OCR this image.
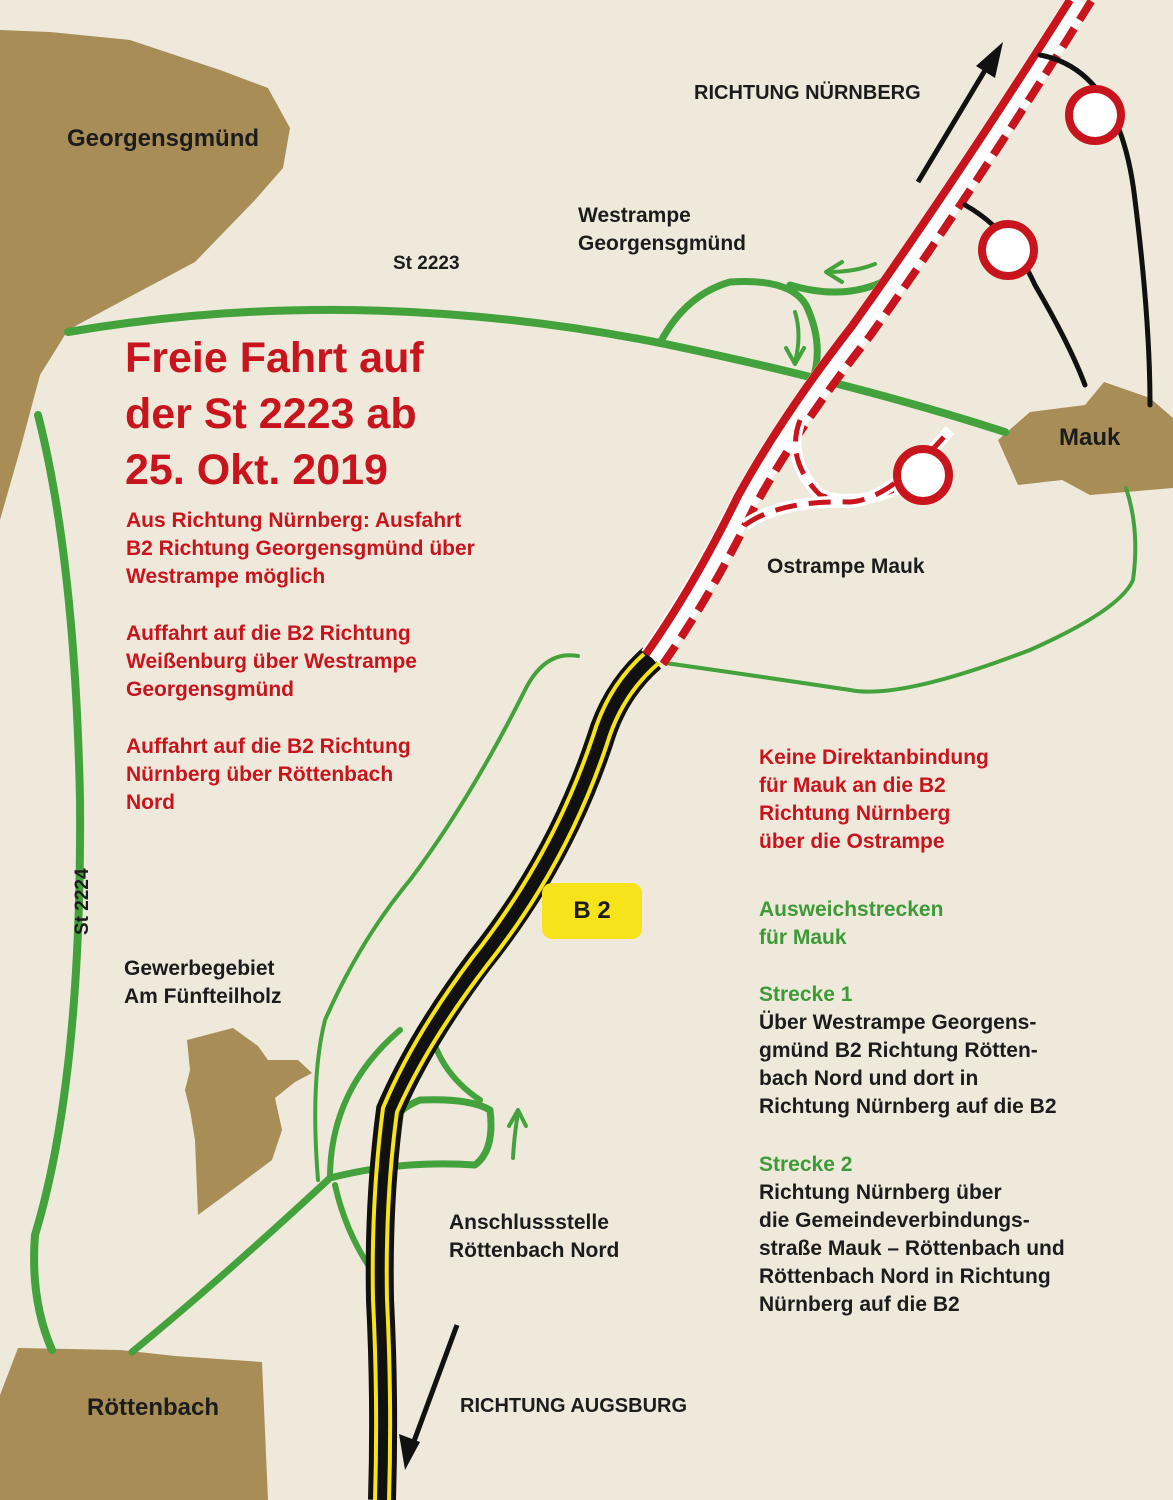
Georgensgmünd
Mauk
Röttenbach
Gewerbegebiet
Am Fünfteilholz
St 2223
St 2224	B 2
RICHTUNG NÜRNBERG
RICHTUNG AUGSBURG
Westrampe
Georgensgmünd
Ostrampe Mauk
Anschlussstelle
Röttenbach Nord
Freie Fahrt auf
der St 2223 ab
25. Okt. 2019
Aus Richtung Nürnberg: Ausfahrt
B2 Richtung Georgensgmünd über
Westrampe möglich
Auffahrt auf die B2 Richtung
Weißenburg über Westrampe
Georgensgmünd
Auffahrt auf die B2 Richtung
Nürnberg über Röttenbach
Nord
Keine Direktanbindung
für Mauk an die B2
Richtung Nürnberg
über die Ostrampe
Ausweichstrecken
für Mauk
Strecke 1
Über Westrampe Georgens-
gmünd B2 Richtung Rötten-
bach Nord und dort in
Richtung Nürnberg auf die B2
Strecke 2
Richtung Nürnberg über
die Gemeindeverbindungs-
straße Mauk – Röttenbach und
Röttenbach Nord in Richtung
Nürnberg auf die B2
